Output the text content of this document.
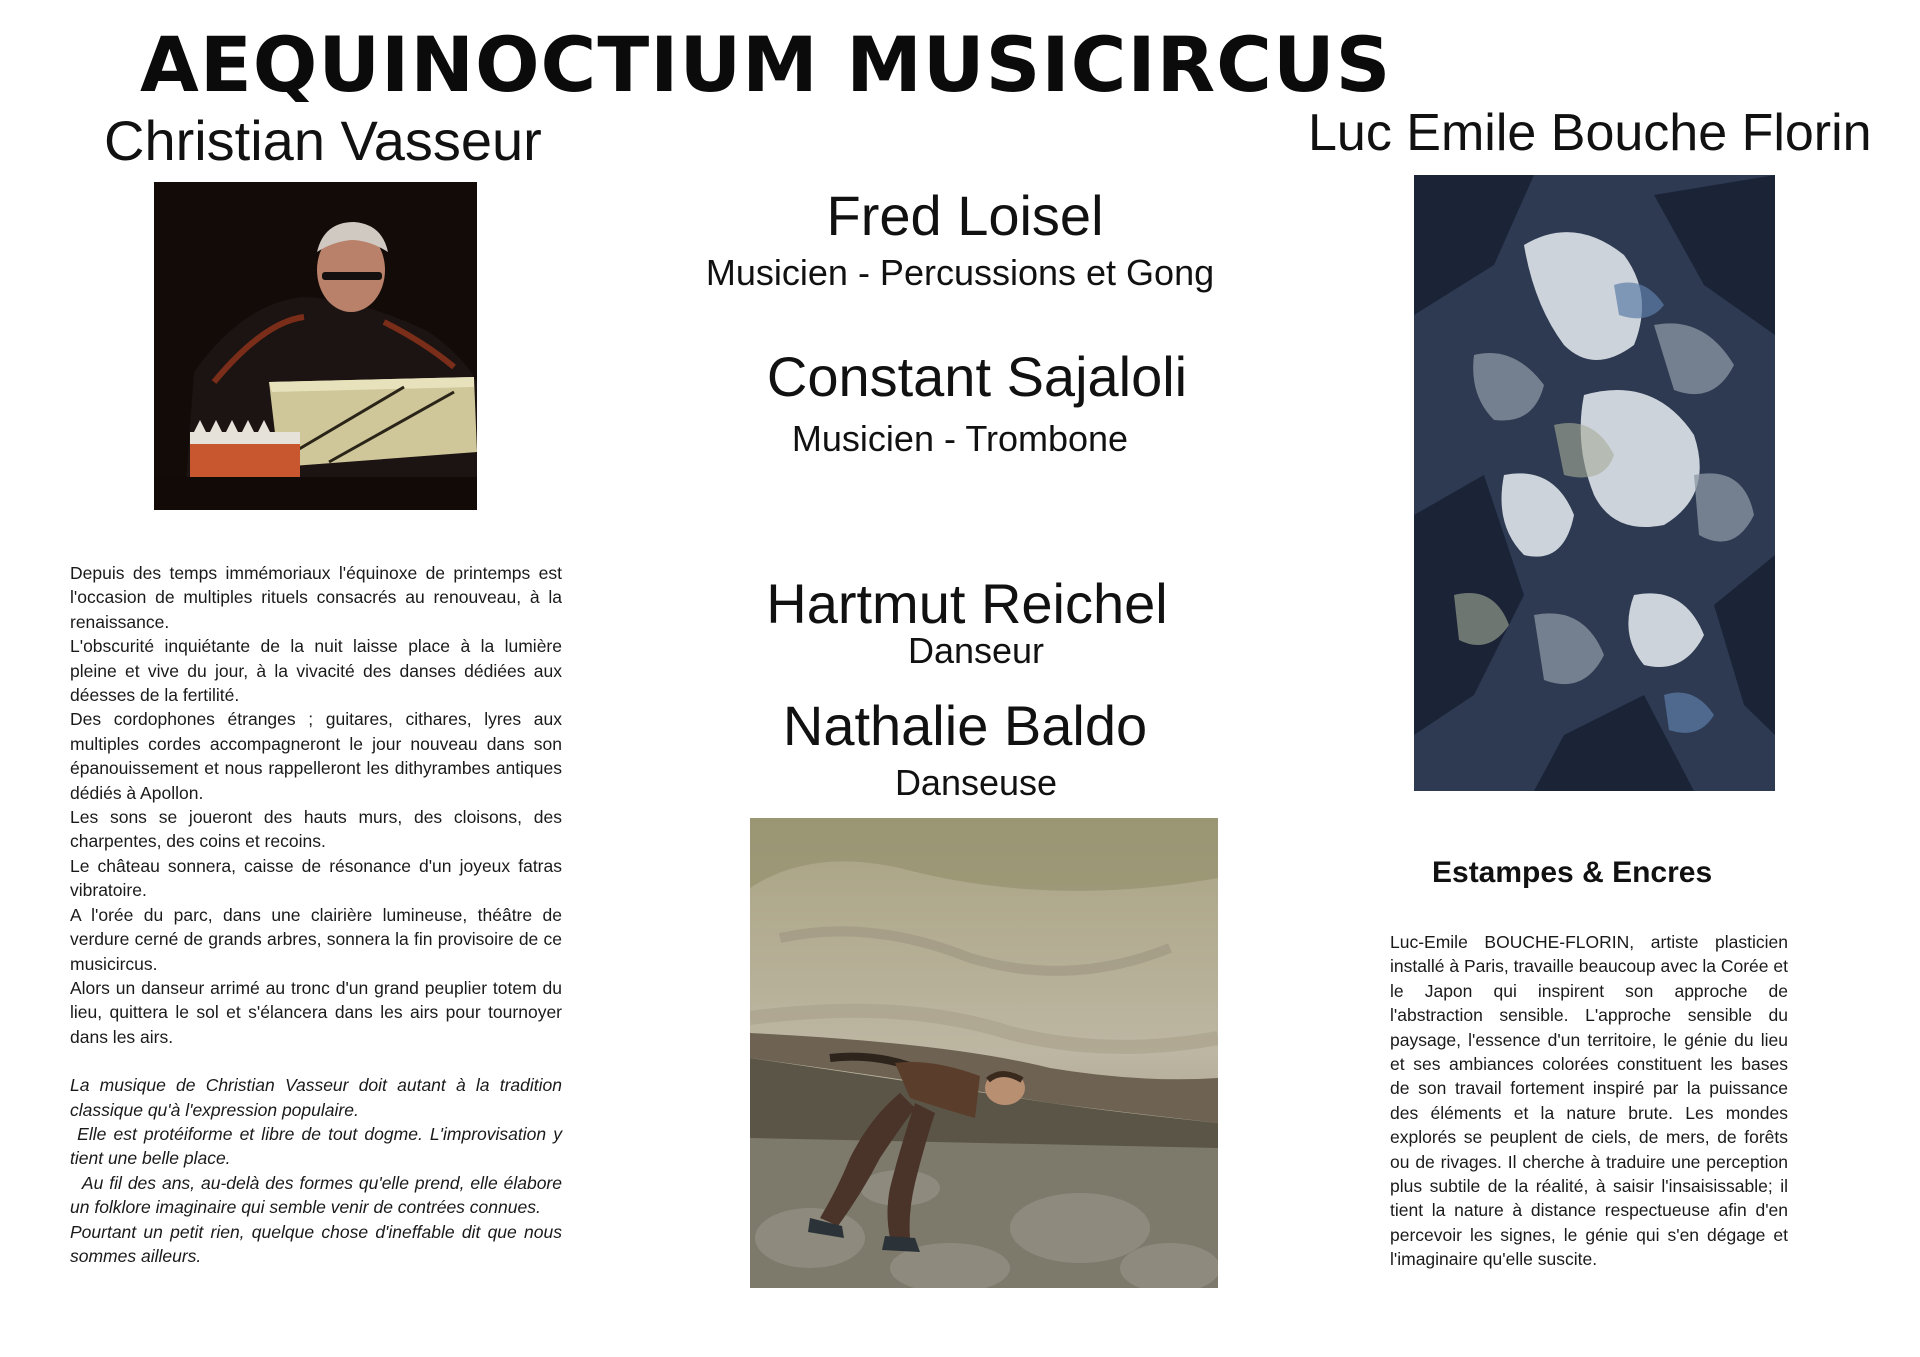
AEQUINOCTIUM MUSICIRCUS
Christian Vasseur

Depuis des temps immémoriaux l'équinoxe de printemps est l'occasion de multiples rituels consacrés au renouveau, à la renaissance.

L'obscurité inquiétante de la nuit laisse place à la lumière pleine et vive du jour, à la vivacité des danses dédiées aux déesses de la fertilité.

Des cordophones étranges ; guitares, cithares, lyres aux multiples cordes accompagneront le jour nouveau dans son épanouissement et nous rappelleront les dithyrambes antiques dédiés à Apollon.

Les sons se joueront des hauts murs, des cloisons, des charpentes, des coins et recoins.

Le château sonnera, caisse de résonance d'un joyeux fatras vibratoire.

A l'orée du parc, dans une clairière lumineuse, théâtre de verdure cerné de grands arbres, sonnera la fin provisoire de ce musicircus.

Alors un danseur arrimé au tronc d'un grand peuplier totem du lieu, quittera le sol et s'élancera dans les airs pour tournoyer dans les airs.

La musique de Christian Vasseur doit autant à la tradition classique qu'à l'expression populaire.

Elle est protéiforme et libre de tout dogme. L'improvisation y tient une belle place.

Au fil des ans, au-delà des formes qu'elle prend, elle élabore un folklore imaginaire qui semble venir de contrées connues.

Pourtant un petit rien, quelque chose d'ineffable dit que nous sommes ailleurs.

Fred Loisel
Musicien - Percussions et Gong
Constant Sajaloli
Musicien - Trombone
Hartmut Reichel
Danseur
Nathalie Baldo
Danseuse
Luc Emile Bouche Florin
Estampes & Encres

Luc-Emile BOUCHE-FLORIN, artiste plasticien installé à Paris, travaille beaucoup avec la Corée et le Japon qui inspirent son approche de l'abstraction sensible. L'approche sensible du paysage, l'essence d'un territoire, le génie du lieu et ses ambiances colorées constituent les bases de son travail fortement inspiré par la puissance des éléments et la nature brute. Les mondes explorés se peuplent de ciels, de mers, de forêts ou de rivages. Il cherche à traduire une perception plus subtile de la réalité, à saisir l'insaisissable; il tient la nature à distance respectueuse afin d'en percevoir les signes, le génie qui s'en dégage et l'imaginaire qu'elle suscite.
